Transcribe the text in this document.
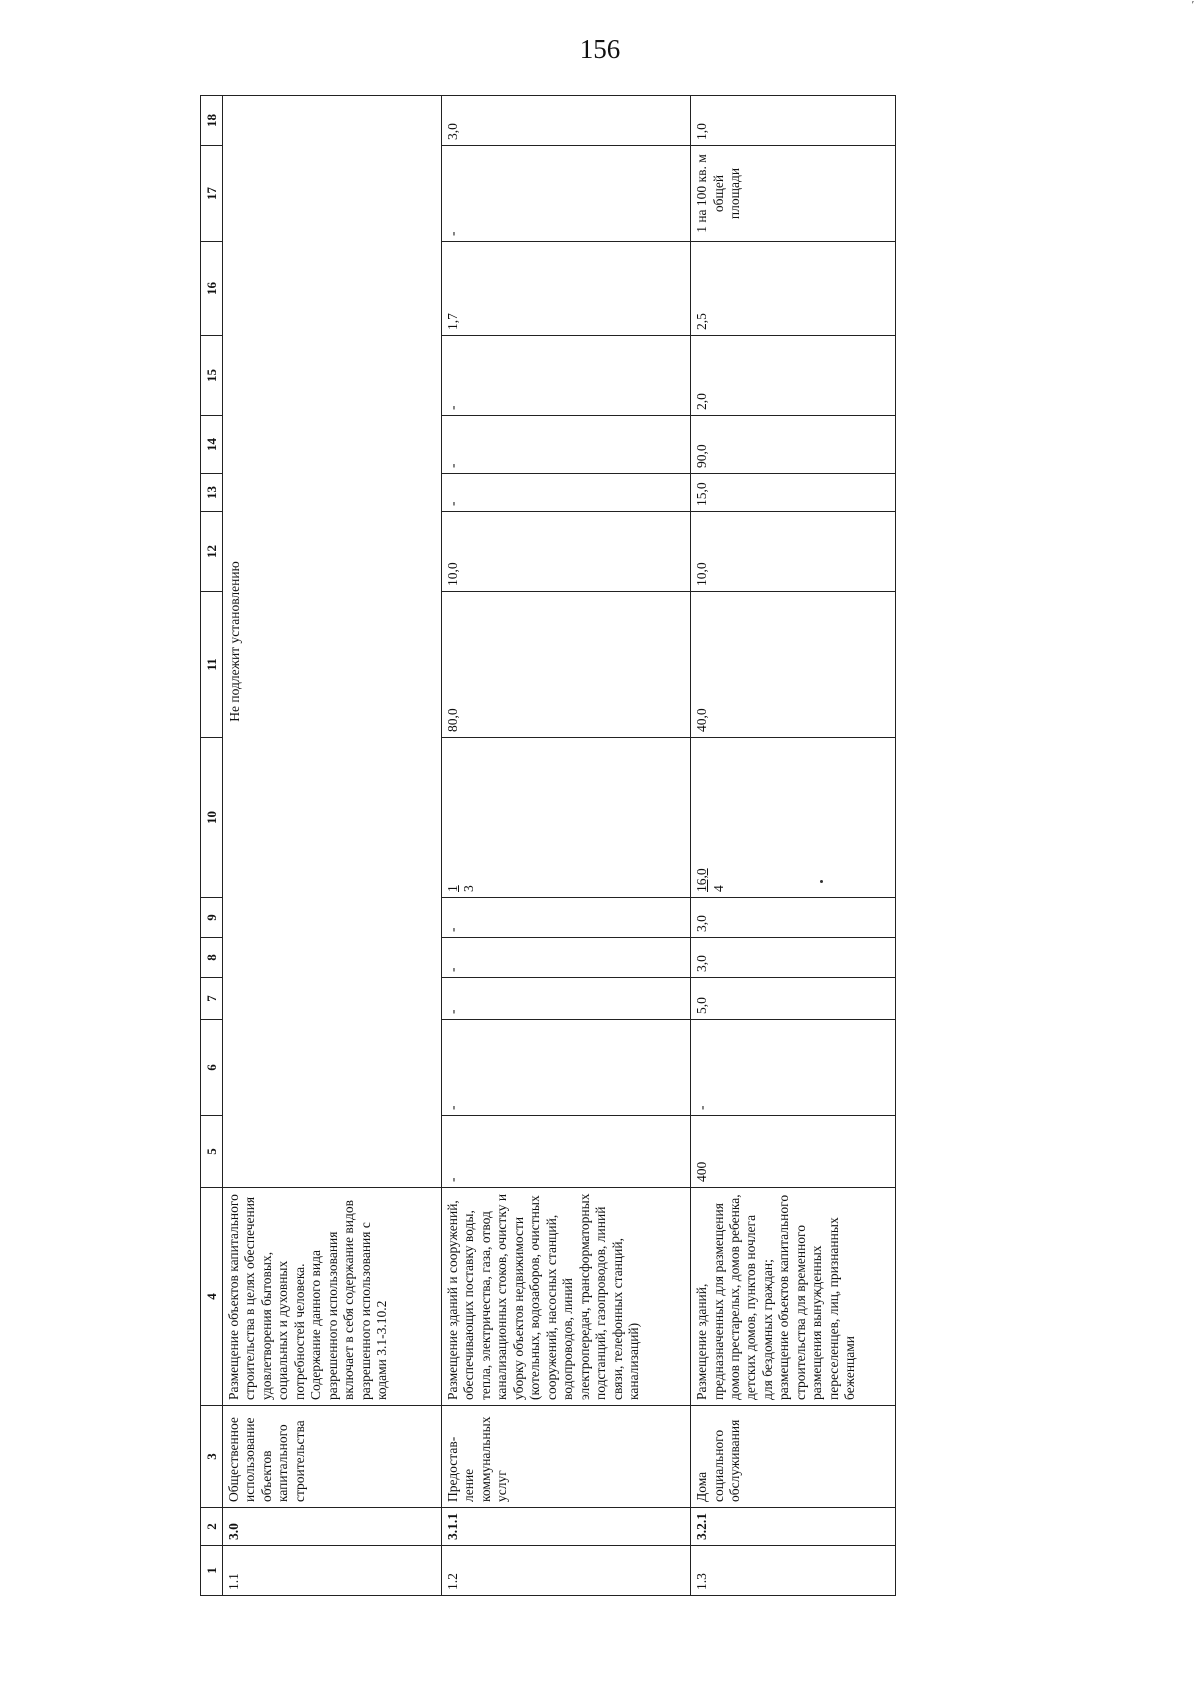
156
ʹ
1	2	3	4	5	6	7	8	9	10	11	12	13	14	15	16	17	18
1.1	3.0	Общественное использование объектов капитального строительства	Размещение объектов капитального строительства в целях обеспечения удовлетворения бытовых, социальных и духовных потребностей человека. Содержание данного вида разрешенного использования включает в себя содержание видов разрешенного использования с кодами 3.1-3.10.2	Не подлежит установлению													
1.2	3.1.1	Предостав-ление коммунальных услуг	Размещение зданий и сооружений, обеспечивающих поставку воды, тепла, электричества, газа, отвод канализационных стоков, очистку и уборку объектов недвижимости (котельных, водозаборов, очистных сооружений, насосных станций, водопроводов, линий электропередач, трансформаторных подстанций, газопроводов, линий связи, телефонных станций, канализаций)	-	-	-	-	-	1 3	80,0	10,0	-	-	-	1,7	-	3,0
1.3	3.2.1	Дома социального обслуживания	Размещение зданий, предназначенных для размещения домов престарелых, домов ребенка, детских домов, пунктов ночлега для бездомных граждан; размещение объектов капитального строительства для временного размещения вынужденных переселенцев, лиц, признанных беженцами	400	-	5,0	3,0	3,0	16,0 4	40,0	10,0	15,0	90,0	2,0	2,5	1 на 100 кв. м общей площади	1,0
